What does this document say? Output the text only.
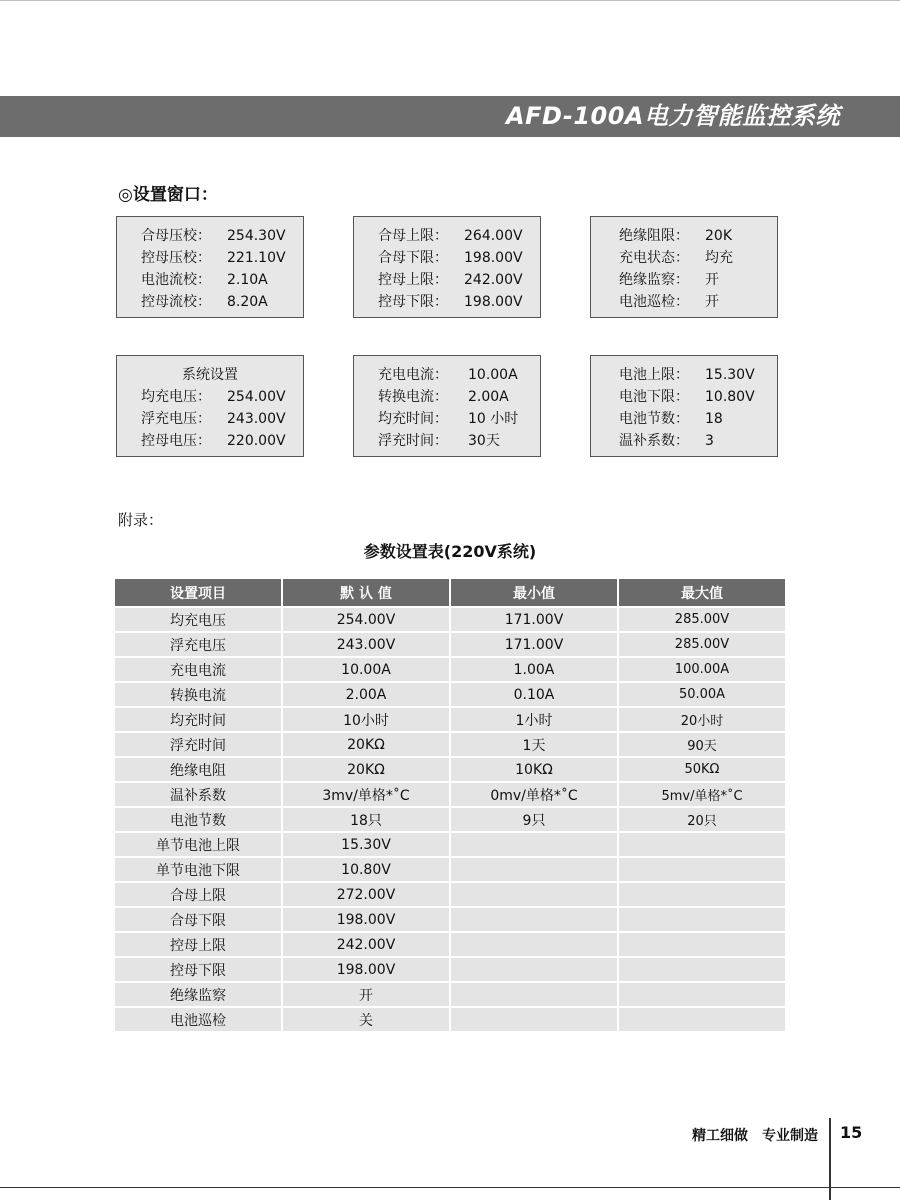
AFD-100A电力智能监控系统
◎设置窗口：
合母压校： 254.30V
控母压校： 221.10V
电池流校： 2.10A
控母流校： 8.20A
合母上限： 264.00V
合母下限： 198.00V
控母上限： 242.00V
控母下限： 198.00V
绝缘阻限： 20K
充电状态： 均充
绝缘监察： 开
电池巡检： 开
系统设置
均充电压： 254.00V
浮充电压： 243.00V
控母电压： 220.00V
充电电流： 10.00A
转换电流： 2.00A
均充时间： 10 小时
浮充时间： 30天
电池上限： 15.30V
电池下限： 10.80V
电池节数： 18
温补系数： 3
附录：
参数设置表(220V系统)
设置项目	默 认 值	最小值	最大值
均充电压	254.00V	171.00V	285.00V
浮充电压	243.00V	171.00V	285.00V
充电电流	10.00A	1.00A	100.00A
转换电流	2.00A	0.10A	50.00A
均充时间	10小时	1小时	20小时
浮充时间	20KΩ	1天	90天
绝缘电阻	20KΩ	10KΩ	50KΩ
温补系数	3mv/单格*˚C	0mv/单格*˚C	5mv/单格*˚C
电池节数	18只	9只	20只
单节电池上限	15.30V		
单节电池下限	10.80V		
合母上限	272.00V		
合母下限	198.00V		
控母上限	242.00V		
控母下限	198.00V		
绝缘监察	开		
电池巡检	关		
精工细做　专业制造 15
